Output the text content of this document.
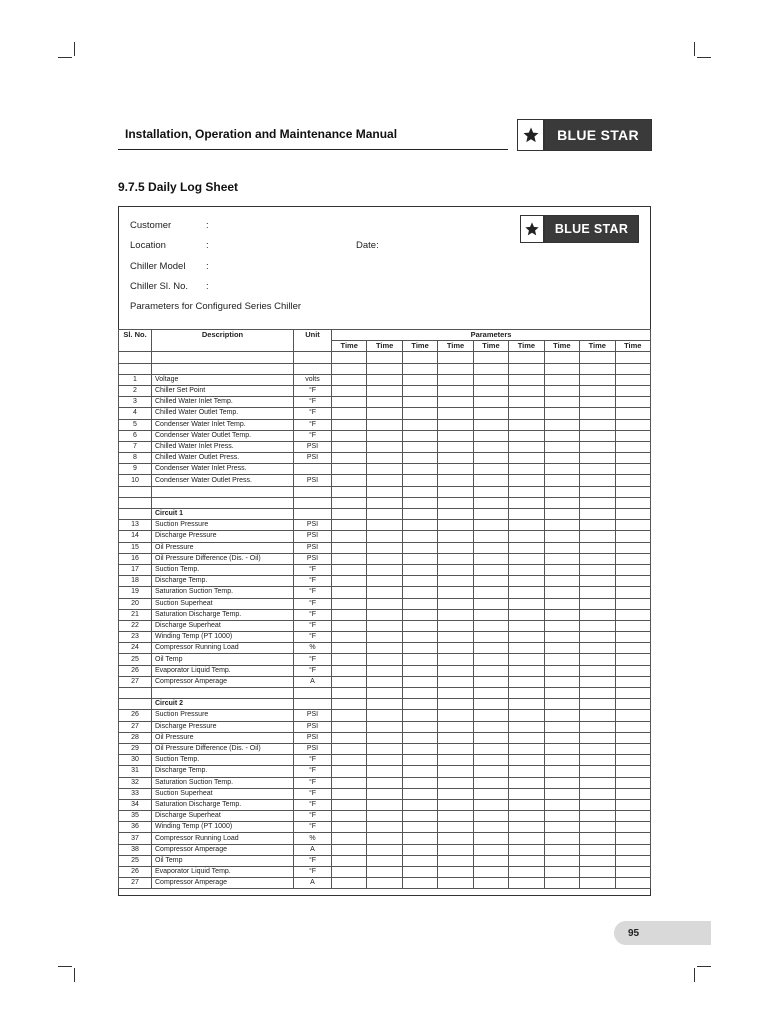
Installation, Operation and Maintenance Manual	BLUE STAR
9.7.5 Daily Log Sheet
Customer	:
Location	:	Date:
Chiller Model :
Chiller Sl. No. :
Parameters for Configured Series Chiller
BLUE STAR
Sl. No.	Description	Unit	Parameters								
			Time	Time	Time	Time	Time	Time	Time	Time	Time

1	Voltage	volts									
2	Chiller Set Point	°F									
3	Chilled Water Inlet Temp.	°F									
4	Chilled Water Outlet Temp.	°F									
5	Condenser Water Inlet Temp.	°F									
6	Condenser Water Outlet Temp.	°F									
7	Chilled Water Inlet Press.	PSI									
8	Chilled Water Outlet Press.	PSI									
9	Condenser Water Inlet Press.										
10	Condenser Water Outlet Press.	PSI									

	Circuit 1										
13	Suction Pressure	PSI									
14	Discharge Pressure	PSI									
15	Oil Pressure	PSI									
16	Oil Pressure Difference (Dis. - Oil)	PSI									
17	Suction Temp.	°F									
18	Discharge Temp.	°F									
19	Saturation Suction Temp.	°F									
20	Suction Superheat	°F									
21	Saturation Discharge Temp.	°F									
22	Discharge Superheat	°F									
23	Winding Temp (PT 1000)	°F									
24	Compressor Running Load	%									
25	Oil Temp	°F									
26	Evaporator Liquid Temp.	°F									
27	Compressor Amperage	A									

	Circuit 2										
26	Suction Pressure	PSI									
27	Discharge Pressure	PSI									
28	Oil Pressure	PSI									
29	Oil Pressure Difference (Dis. - Oil)	PSI									
30	Suction Temp.	°F									
31	Discharge Temp.	°F									
32	Saturation Suction Temp.	°F									
33	Suction Superheat	°F									
34	Saturation Discharge Temp.	°F									
35	Discharge Superheat	°F									
36	Winding Temp (PT 1000)	°F									
37	Compressor Running Load	%									
38	Compressor Amperage	A									
25	Oil Temp	°F									
26	Evaporator Liquid Temp.	°F									
27	Compressor Amperage	A									
95
